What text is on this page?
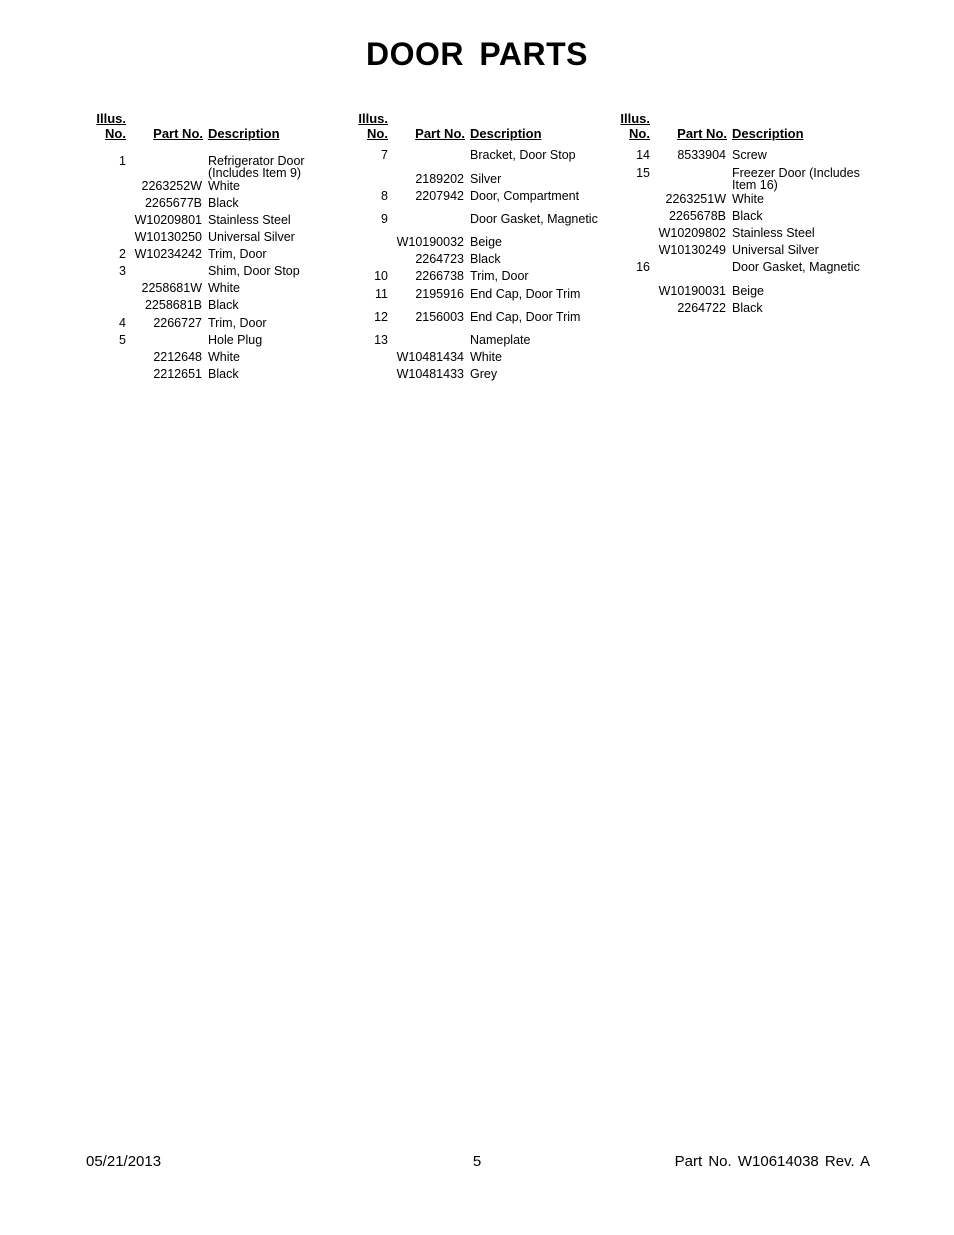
DOOR PARTS
Illus.
No.	Part No. Description
1	Refrigerator Door (Includes Item 9)
2263252W White
2265677B Black
W10209801 Stainless Steel
W10130250 Universal Silver
2 W10234242 Trim, Door
3	Shim, Door Stop
2258681W White
2258681B Black
4	2266727 Trim, Door
5	Hole Plug
2212648 White
2212651 Black
Illus.
No.	Part No. Description
7	Bracket, Door Stop
2189202 Silver
8	2207942 Door, Compartment
9	Door Gasket, Magnetic
W10190032 Beige
2264723 Black
10	2266738 Trim, Door
11	2195916 End Cap, Door Trim
12	2156003 End Cap, Door Trim
13	Nameplate
W10481434 White
W10481433 Grey
Illus.
No.	Part No. Description
14	8533904 Screw
15	Freezer Door (Includes Item 16)
2263251W White
2265678B Black
W10209802 Stainless Steel
W10130249 Universal Silver
16	Door Gasket, Magnetic
W10190031 Beige
2264722 Black
05/21/2013	5	Part No. W10614038 Rev. A
